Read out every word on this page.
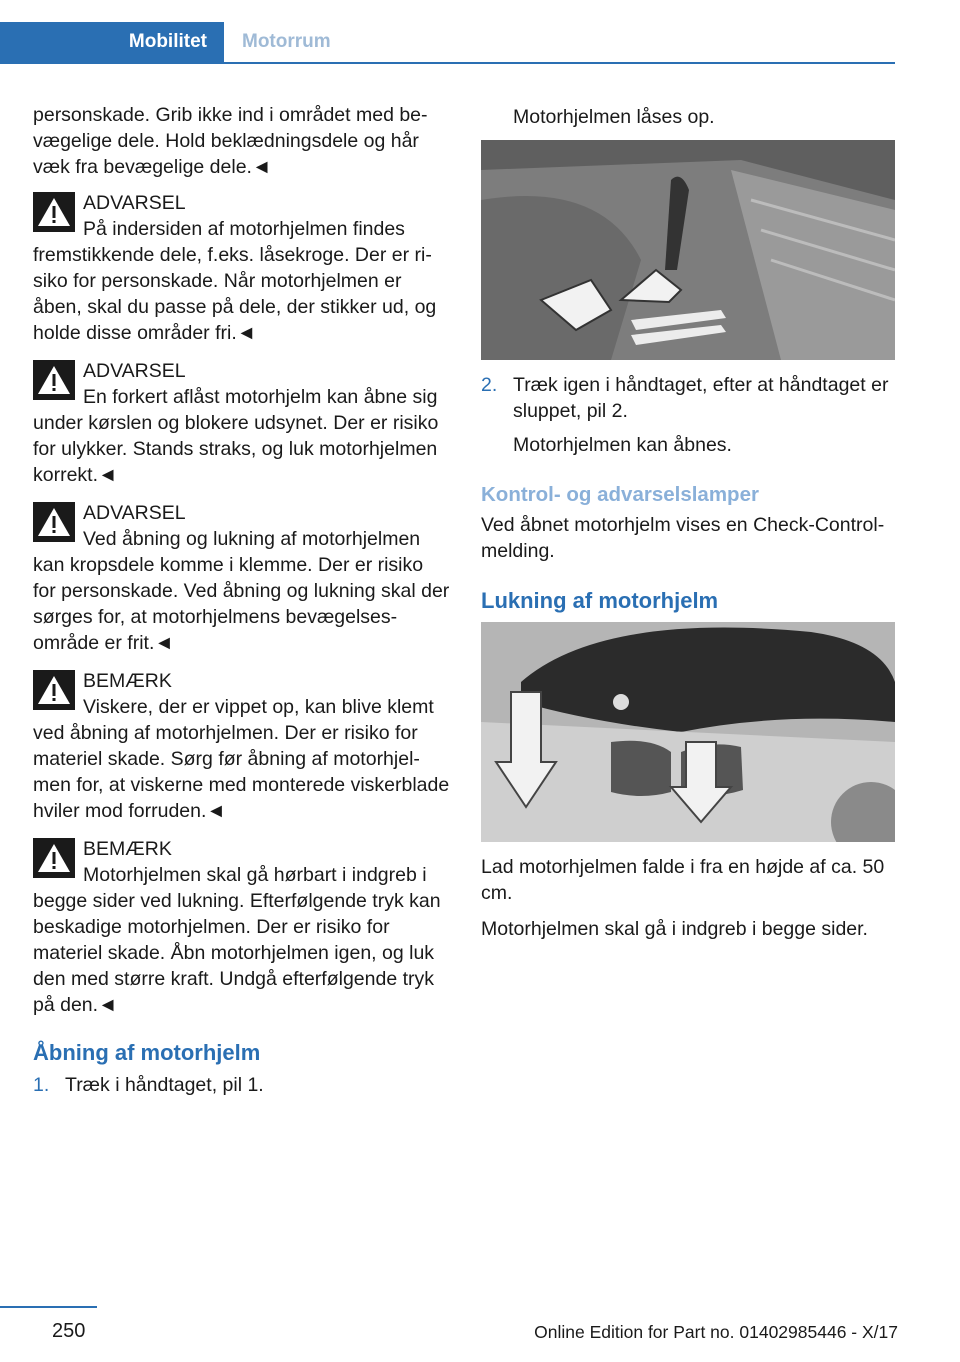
Mobilitet	Motorrum

personskade. Grib ikke ind i området med bevægelige dele. Hold beklædningsdele og hår væk fra bevægelige dele.◄

ADVARSEL
På indersiden af motorhjelmen findes fremstikkende dele, f.eks. låsekroge. Der er risiko for personskade. Når motorhjelmen er åben, skal du passe på dele, der stikker ud, og holde disse områder fri.◄
ADVARSEL
En forkert aflåst motorhjelm kan åbne sig under kørslen og blokere udsynet. Der er risiko for ulykker. Stands straks, og luk motorhjelmen korrekt.◄
ADVARSEL
Ved åbning og lukning af motorhjelmen kan kropsdele komme i klemme. Der er risiko for personskade. Ved åbning og lukning skal der sørges for, at motorhjelmens bevægelsesområde er frit.◄
BEMÆRK
Viskere, der er vippet op, kan blive klemt ved åbning af motorhjelmen. Der er risiko for materiel skade. Sørg før åbning af motorhjelmen for, at viskerne med monterede viskerblade hviler mod forruden.◄
BEMÆRK
Motorhjelmen skal gå hørbart i indgreb i begge sider ved lukning. Efterfølgende tryk kan beskadige motorhjelmen. Der er risiko for materiel skade. Åbn motorhjelmen igen, og luk den med større kraft. Undgå efterfølgende tryk på den.◄
Åbning af motorhjelm
1. Træk i håndtaget, pil 1.

Motorhjelmen låses op.

2. Træk igen i håndtaget, efter at håndtaget er sluppet, pil 2.

Motorhjelmen kan åbnes.

Kontrol- og advarselslamper

Ved åbnet motorhjelm vises en Check-Control-melding.

Lukning af motorhjelm

Lad motorhjelmen falde i fra en højde af ca. 50 cm.

Motorhjelmen skal gå i indgreb i begge sider.

250	Online Edition for Part no. 01402985446 - X/17
